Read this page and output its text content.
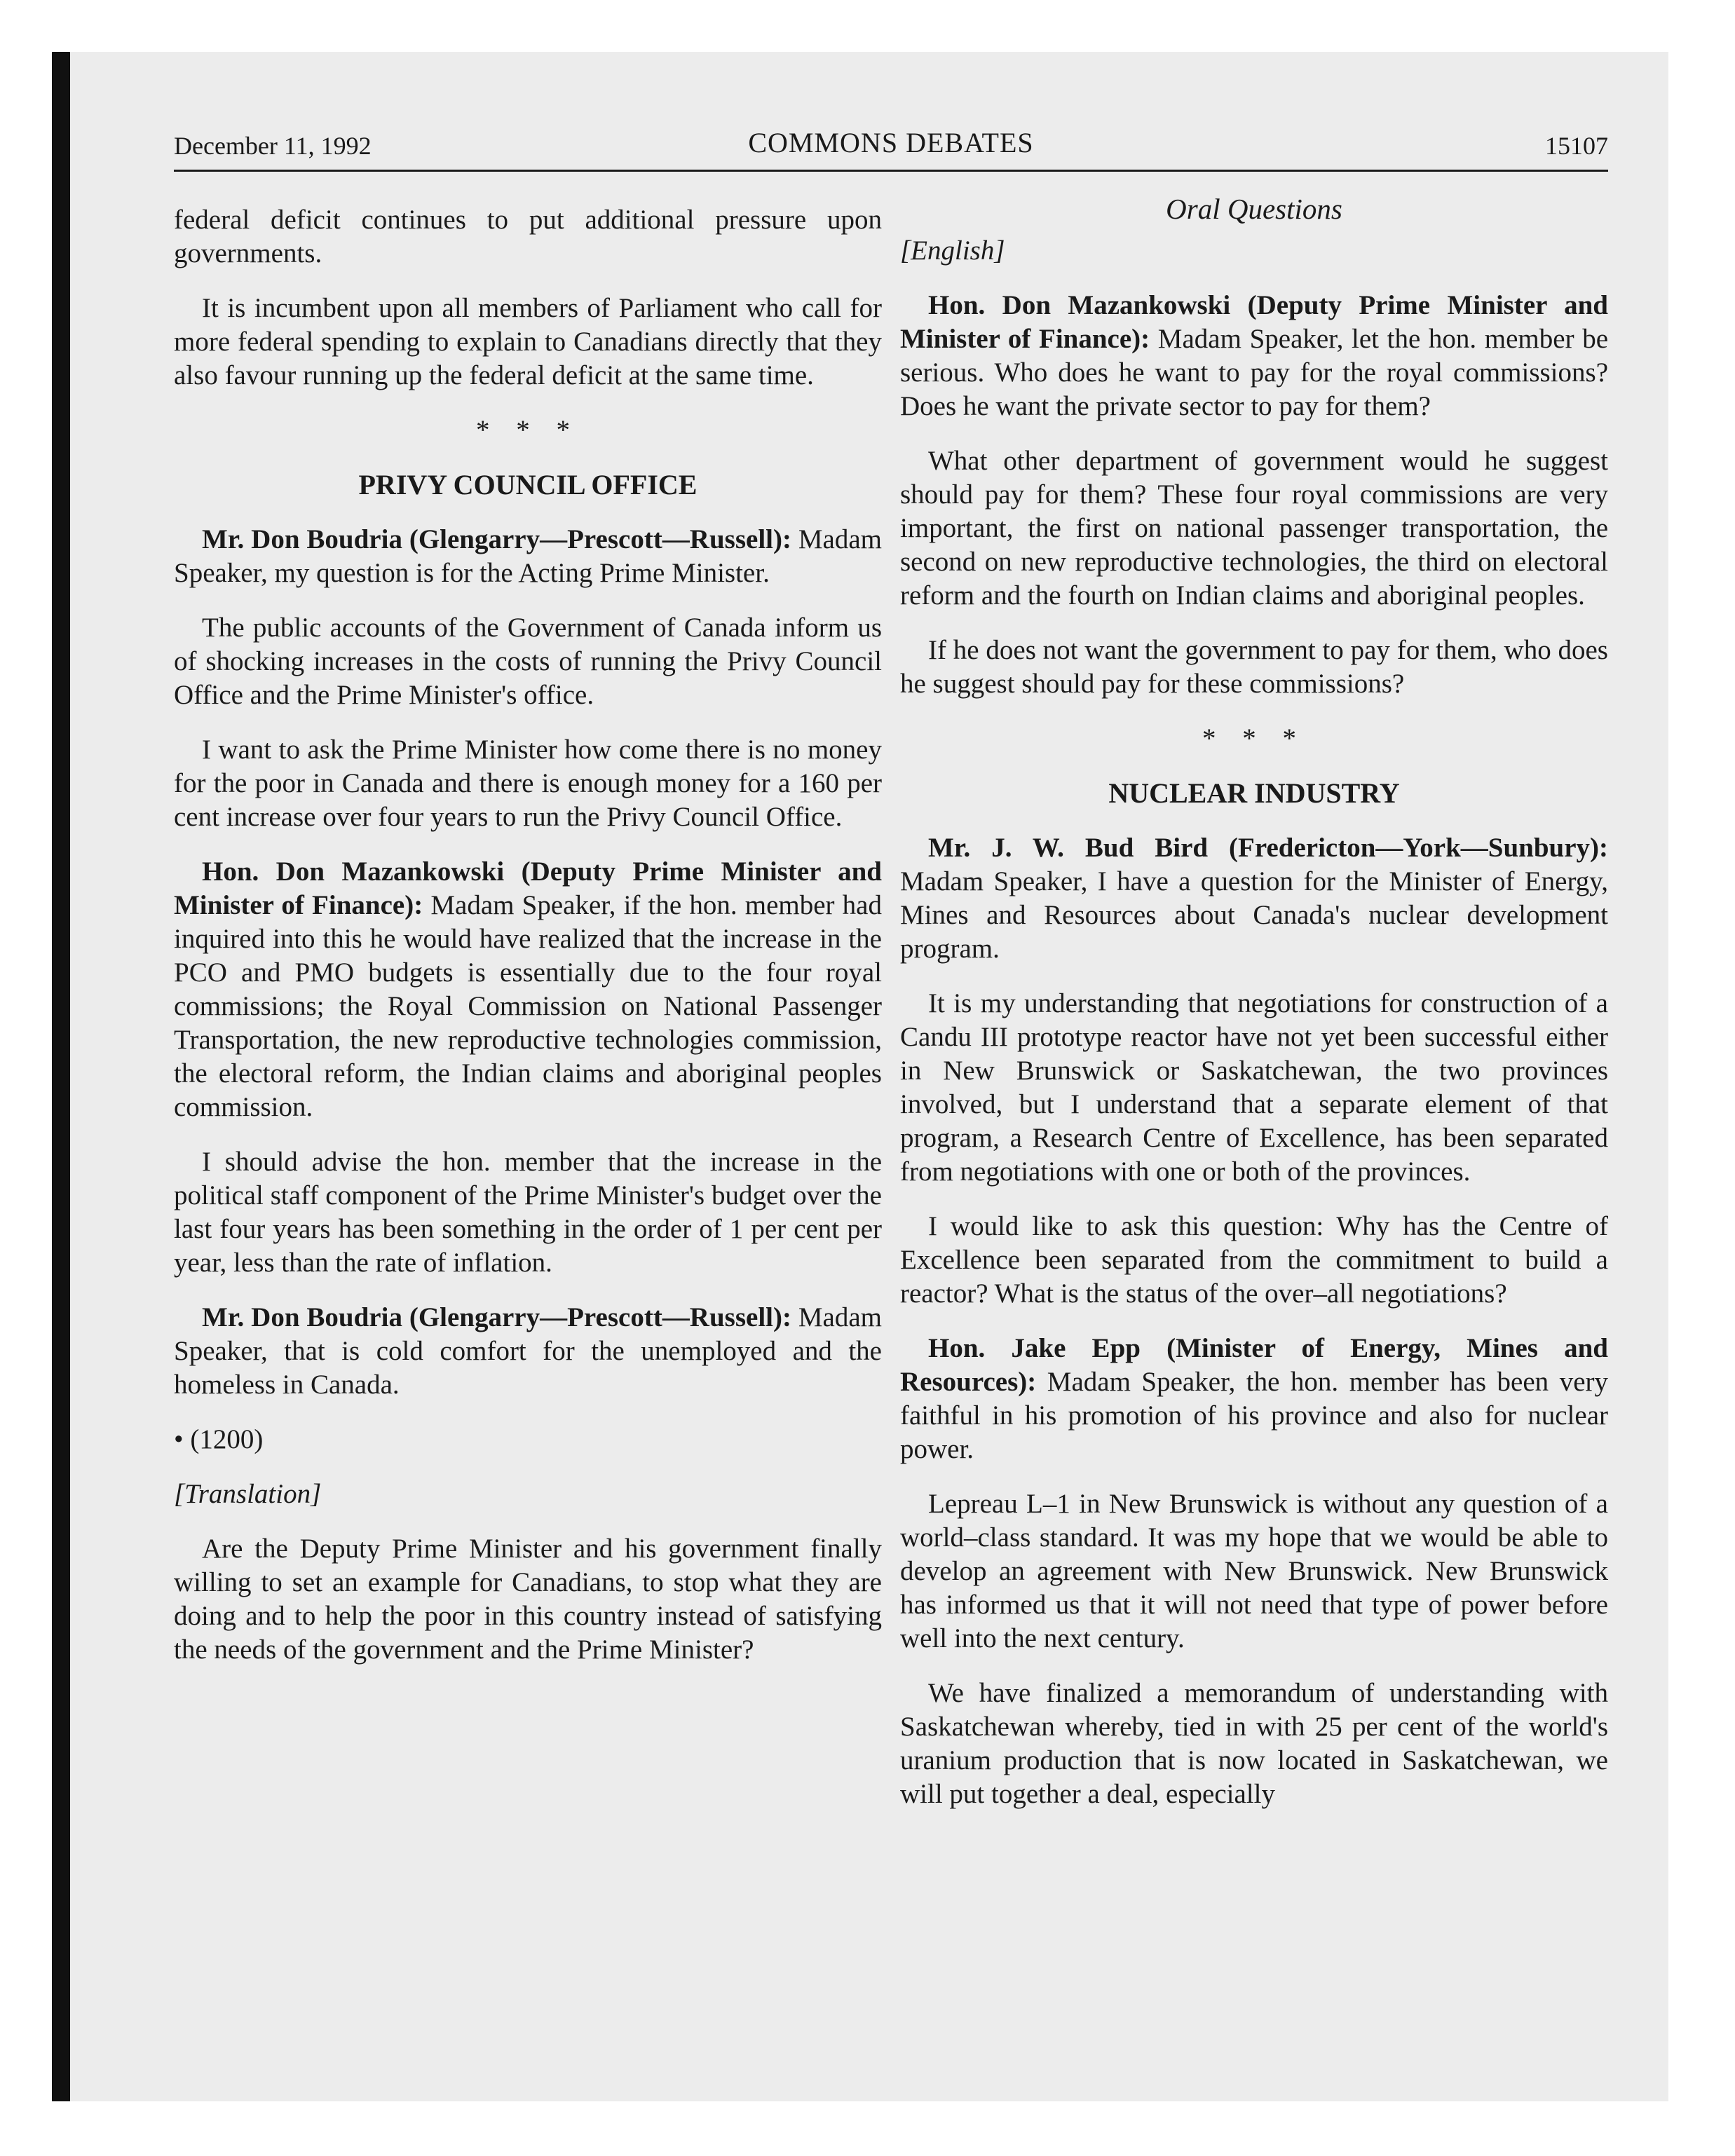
December 11, 1992	COMMONS DEBATES	15107

federal deficit continues to put additional pressure upon governments.

It is incumbent upon all members of Parliament who call for more federal spending to explain to Canadians directly that they also favour running up the federal deficit at the same time.

* * *
PRIVY COUNCIL OFFICE

Mr. Don Boudria (Glengarry—Prescott—Russell): Madam Speaker, my question is for the Acting Prime Minister.

The public accounts of the Government of Canada inform us of shocking increases in the costs of running the Privy Council Office and the Prime Minister's office.

I want to ask the Prime Minister how come there is no money for the poor in Canada and there is enough money for a 160 per cent increase over four years to run the Privy Council Office.

Hon. Don Mazankowski (Deputy Prime Minister and Minister of Finance): Madam Speaker, if the hon. member had inquired into this he would have realized that the increase in the PCO and PMO budgets is essentially due to the four royal commissions; the Royal Commission on National Passenger Transportation, the new reproductive technologies commission, the electoral reform, the Indian claims and aboriginal peoples commission.

I should advise the hon. member that the increase in the political staff component of the Prime Minister's budget over the last four years has been something in the order of 1 per cent per year, less than the rate of inflation.

Mr. Don Boudria (Glengarry—Prescott—Russell): Madam Speaker, that is cold comfort for the unemployed and the homeless in Canada.

• (1200)
[Translation]

Are the Deputy Prime Minister and his government finally willing to set an example for Canadians, to stop what they are doing and to help the poor in this country instead of satisfying the needs of the government and the Prime Minister?

Oral Questions
[English]

Hon. Don Mazankowski (Deputy Prime Minister and Minister of Finance): Madam Speaker, let the hon. member be serious. Who does he want to pay for the royal commissions? Does he want the private sector to pay for them?

What other department of government would he suggest should pay for them? These four royal commissions are very important, the first on national passenger transportation, the second on new reproductive technologies, the third on electoral reform and the fourth on Indian claims and aboriginal peoples.

If he does not want the government to pay for them, who does he suggest should pay for these commissions?

* * *
NUCLEAR INDUSTRY

Mr. J. W. Bud Bird (Fredericton—York—Sunbury): Madam Speaker, I have a question for the Minister of Energy, Mines and Resources about Canada's nuclear development program.

It is my understanding that negotiations for construction of a Candu III prototype reactor have not yet been successful either in New Brunswick or Saskatchewan, the two provinces involved, but I understand that a separate element of that program, a Research Centre of Excellence, has been separated from negotiations with one or both of the provinces.

I would like to ask this question: Why has the Centre of Excellence been separated from the commitment to build a reactor? What is the status of the over–all negotiations?

Hon. Jake Epp (Minister of Energy, Mines and Resources): Madam Speaker, the hon. member has been very faithful in his promotion of his province and also for nuclear power.

Lepreau L–1 in New Brunswick is without any question of a world–class standard. It was my hope that we would be able to develop an agreement with New Brunswick. New Brunswick has informed us that it will not need that type of power before well into the next century.

We have finalized a memorandum of understanding with Saskatchewan whereby, tied in with 25 per cent of the world's uranium production that is now located in Saskatchewan, we will put together a deal, especially
